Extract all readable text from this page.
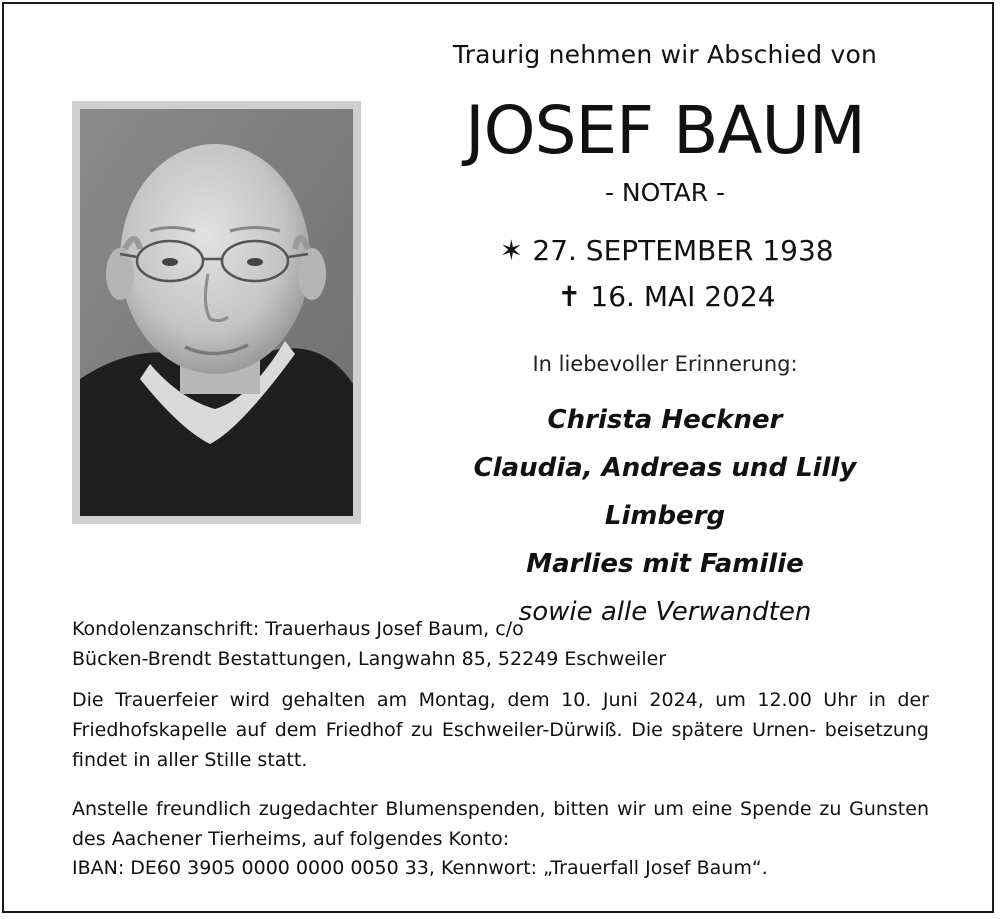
Traurig nehmen wir Abschied von
JOSEF BAUM
- NOTAR -
✶ 27. SEPTEMBER 1938
✝ 16. MAI 2024
In liebevoller Erinnerung:
Christa Heckner
Claudia, Andreas und Lilly Limberg
Marlies mit Familie
sowie alle Verwandten
Kondolenzanschrift: Trauerhaus Josef Baum, c/o
Bücken-Brendt Bestattungen, Langwahn 85, 52249 Eschweiler
Die Trauerfeier wird gehalten am Montag, dem 10. Juni 2024, um 12.00 Uhr in der Friedhofskapelle auf dem Friedhof zu Eschweiler-Dürwiß. Die spätere Urnen- beisetzung findet in aller Stille statt.
Anstelle freundlich zugedachter Blumenspenden, bitten wir um eine Spende zu Gunsten des Aachener Tierheims, auf folgendes Konto:
IBAN: DE60 3905 0000 0000 0050 33, Kennwort: „Trauerfall Josef Baum“.
